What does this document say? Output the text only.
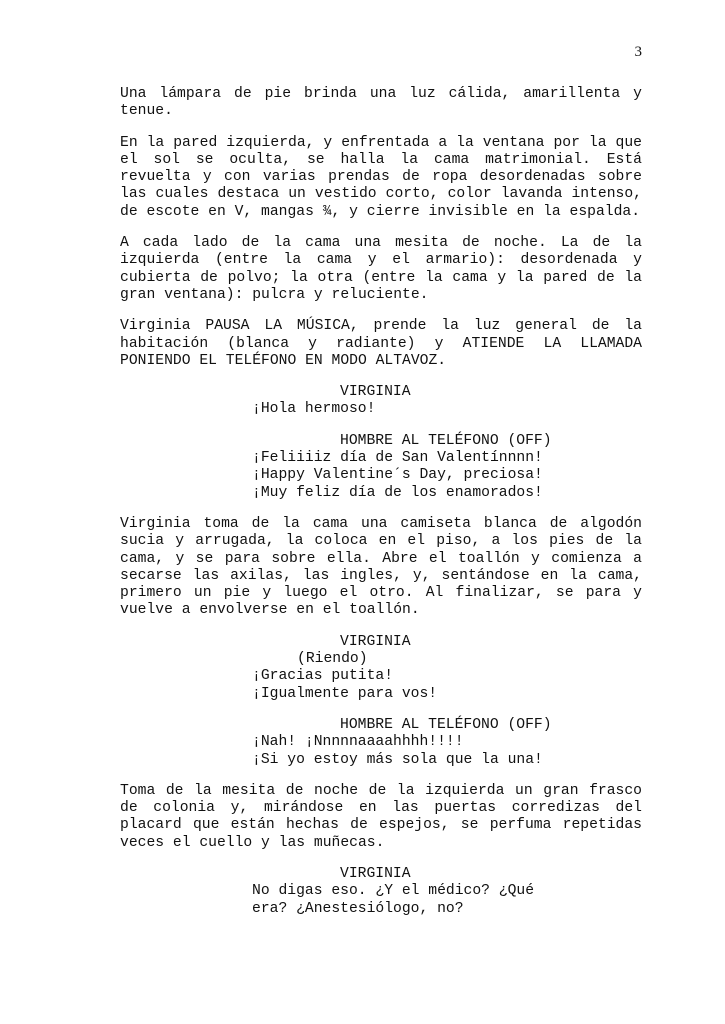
3

Una lámpara de pie brinda una luz cálida, amarillenta y tenue.

En la pared izquierda, y enfrentada a la ventana por la que el sol se oculta, se halla la cama matrimonial. Está revuelta y con varias prendas de ropa desordenadas sobre las cuales destaca un vestido corto, color lavanda intenso, de escote en V, mangas ¾, y cierre invisible en la espalda.

A cada lado de la cama una mesita de noche. La de la izquierda (entre la cama y el armario): desordenada y cubierta de polvo; la otra (entre la cama y la pared de la gran ventana): pulcra y reluciente.

Virginia PAUSA LA MÚSICA, prende la luz general de la habitación (blanca y radiante) y ATIENDE LA LLAMADA PONIENDO EL TELÉFONO EN MODO ALTAVOZ.

VIRGINIA
¡Hola hermoso!
HOMBRE AL TELÉFONO (OFF)
¡Feliiiiz día de San Valentínnnn!
¡Happy Valentine´s Day, preciosa!
¡Muy feliz día de los enamorados!

Virginia toma de la cama una camiseta blanca de algodón sucia y arrugada, la coloca en el piso, a los pies de la cama, y se para sobre ella. Abre el toallón y comienza a secarse las axilas, las ingles, y, sentándose en la cama, primero un pie y luego el otro. Al finalizar, se para y vuelve a envolverse en el toallón.

VIRGINIA
(Riendo)
¡Gracias putita!
¡Igualmente para vos!
HOMBRE AL TELÉFONO (OFF)
¡Nah! ¡Nnnnnaaaahhhh!!!!
¡Si yo estoy más sola que la una!

Toma de la mesita de noche de la izquierda un gran frasco de colonia y, mirándose en las puertas corredizas del placard que están hechas de espejos, se perfuma repetidas veces el cuello y las muñecas.

VIRGINIA
No digas eso. ¿Y el médico? ¿Qué
era? ¿Anestesiólogo, no?
